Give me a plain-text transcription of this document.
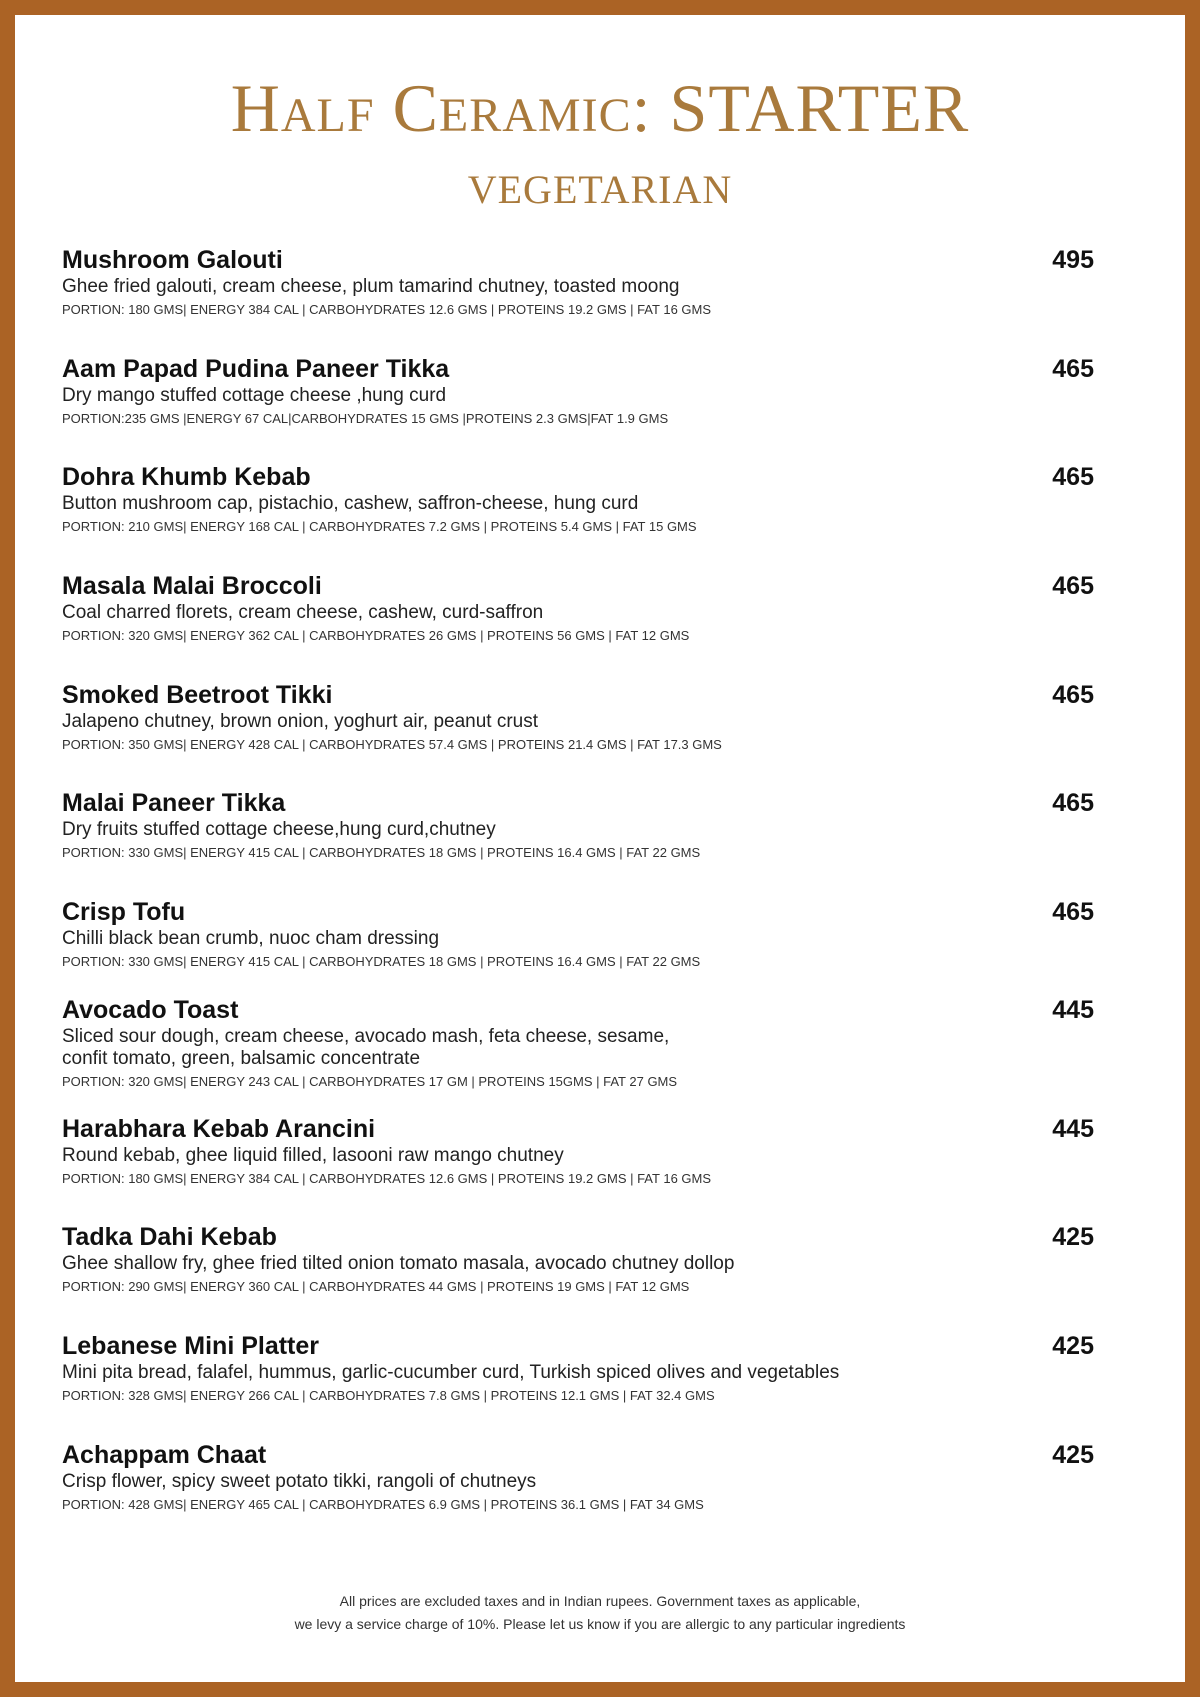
Half Ceramic: STARTER
VEGETARIAN
Mushroom Galouti	495
Ghee fried galouti, cream cheese, plum tamarind chutney, toasted moong
PORTION: 180 GMS| ENERGY 384 CAL | CARBOHYDRATES 12.6 GMS | PROTEINS 19.2 GMS | FAT 16 GMS
Aam Papad Pudina Paneer Tikka	465
Dry mango stuffed cottage cheese ,hung curd
PORTION:235 GMS |ENERGY 67 CAL|CARBOHYDRATES 15 GMS |PROTEINS 2.3 GMS|FAT 1.9 GMS
Dohra Khumb Kebab	465
Button mushroom cap, pistachio, cashew, saffron-cheese, hung curd
PORTION: 210 GMS| ENERGY 168 CAL | CARBOHYDRATES 7.2 GMS | PROTEINS 5.4 GMS | FAT 15 GMS
Masala Malai Broccoli	465
Coal charred florets, cream cheese, cashew, curd-saffron
PORTION: 320 GMS| ENERGY 362 CAL | CARBOHYDRATES 26 GMS | PROTEINS 56 GMS | FAT 12 GMS
Smoked Beetroot Tikki	465
Jalapeno chutney, brown onion, yoghurt air, peanut crust
PORTION: 350 GMS| ENERGY 428 CAL | CARBOHYDRATES 57.4 GMS | PROTEINS 21.4 GMS | FAT 17.3 GMS
Malai Paneer Tikka	465
Dry fruits stuffed cottage cheese,hung curd,chutney
PORTION: 330 GMS| ENERGY 415 CAL | CARBOHYDRATES 18 GMS | PROTEINS 16.4 GMS | FAT 22 GMS
Crisp Tofu	465
Chilli black bean crumb, nuoc cham dressing
PORTION: 330 GMS| ENERGY 415 CAL | CARBOHYDRATES 18 GMS | PROTEINS 16.4 GMS | FAT 22 GMS
Avocado Toast	445
Sliced sour dough, cream cheese, avocado mash, feta cheese, sesame,
confit tomato, green, balsamic concentrate
PORTION: 320 GMS| ENERGY 243 CAL | CARBOHYDRATES 17 GM | PROTEINS 15GMS | FAT 27 GMS
Harabhara Kebab Arancini	445
Round kebab, ghee liquid filled, lasooni raw mango chutney
PORTION: 180 GMS| ENERGY 384 CAL | CARBOHYDRATES 12.6 GMS | PROTEINS 19.2 GMS | FAT 16 GMS
Tadka Dahi Kebab	425
Ghee shallow fry, ghee fried tilted onion tomato masala, avocado chutney dollop
PORTION: 290 GMS| ENERGY 360 CAL | CARBOHYDRATES 44 GMS | PROTEINS 19 GMS | FAT 12 GMS
Lebanese Mini Platter	425
Mini pita bread, falafel, hummus, garlic-cucumber curd, Turkish spiced olives and vegetables
PORTION: 328 GMS| ENERGY 266 CAL | CARBOHYDRATES 7.8 GMS | PROTEINS 12.1 GMS | FAT 32.4 GMS
Achappam Chaat	425
Crisp flower, spicy sweet potato tikki, rangoli of chutneys
PORTION: 428 GMS| ENERGY 465 CAL | CARBOHYDRATES 6.9 GMS | PROTEINS 36.1 GMS | FAT 34 GMS
All prices are excluded taxes and in Indian rupees. Government taxes as applicable,
we levy a service charge of 10%. Please let us know if you are allergic to any particular ingredients
